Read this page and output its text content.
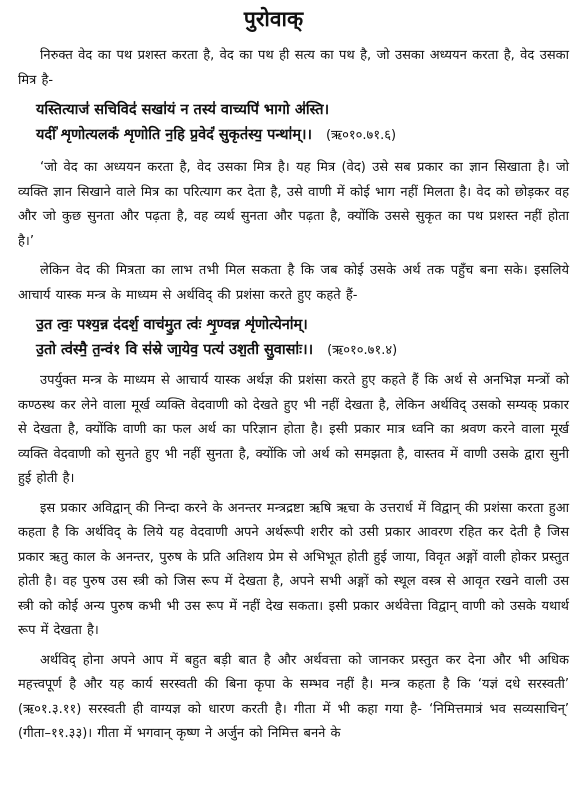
पुरोवाक्

निरुक्त वेद का पथ प्रशस्त करता है, वेद का पथ ही सत्य का पथ है, जो उसका अध्ययन करता है, वेद उसका मित्र है-

यस्तित्याज॑ सचिविद॑ सखा॑यं न तस्य॑ वाच्यपि॑ भागो अ॑स्ति।

यदीं॑ शृणोत्यलकं॑ शृणोति न॒हि प्र॒वेदं॑ सुकृत॑स्य॒ पन्था॑म्।। (ऋ०१०.७१.६)

‘जो वेद का अध्ययन करता है, वेद उसका मित्र है। यह मित्र (वेद) उसे सब प्रकार का ज्ञान सिखाता है। जो व्यक्ति ज्ञान सिखाने वाले मित्र का परित्याग कर देता है, उसे वाणी में कोई भाग नहीं मिलता है। वेद को छोड़कर वह और जो कुछ सुनता और पढ़ता है, वह व्यर्थ सुनता और पढ़ता है, क्योंकि उससे सुकृत का पथ प्रशस्त नहीं होता है।’

लेकिन वेद की मित्रता का लाभ तभी मिल सकता है कि जब कोई उसके अर्थ तक पहुँच बना सके। इसलिये आचार्य यास्क मन्त्र के माध्यम से अर्थविद् की प्रशंसा करते हुए कहते हैं-

उ॒त त्वः॒ पश्य॒न्न द॑दर्श॒ वाच॑मु॒त त्वः॑ शृ॒ण्वन्न शृ॑णोत्येना॑म्।

उ॒तो त्व॑स्मै॒ त॒न्वं१ वि स॑स्रे जा॒येव॒ पत्य॑ उश॒ती सु॒वासाः॑।। (ऋ०१०.७१.४)

उपर्युक्त मन्त्र के माध्यम से आचार्य यास्क अर्थज्ञ की प्रशंसा करते हुए कहते हैं कि अर्थ से अनभिज्ञ मन्त्रों को कण्ठस्थ कर लेने वाला मूर्ख व्यक्ति वेदवाणी को देखते हुए भी नहीं देखता है, लेकिन अर्थविद् उसको सम्यक् प्रकार से देखता है, क्योंकि वाणी का फल अर्थ का परिज्ञान होता है। इसी प्रकार मात्र ध्वनि का श्रवण करने वाला मूर्ख व्यक्ति वेदवाणी को सुनते हुए भी नहीं सुनता है, क्योंकि जो अर्थ को समझता है, वास्तव में वाणी उसके द्वारा सुनी हुई होती है।

इस प्रकार अविद्वान् की निन्दा करने के अनन्तर मन्त्रद्रष्टा ऋषि ऋचा के उत्तरार्ध में विद्वान् की प्रशंसा करता हुआ कहता है कि अर्थविद् के लिये यह वेदवाणी अपने अर्थरूपी शरीर को उसी प्रकार आवरण रहित कर देती है जिस प्रकार ऋतु काल के अनन्तर, पुरुष के प्रति अतिशय प्रेम से अभिभूत होती हुई जाया, विवृत अङ्गों वाली होकर प्रस्तुत होती है। वह पुरुष उस स्त्री को जिस रूप में देखता है, अपने सभी अङ्गों को स्थूल वस्त्र से आवृत रखने वाली उस स्त्री को कोई अन्य पुरुष कभी भी उस रूप में नहीं देख सकता। इसी प्रकार अर्थवेत्ता विद्वान् वाणी को उसके यथार्थ रूप में देखता है।

अर्थविद् होना अपने आप में बहुत बड़ी बात है और अर्थवत्ता को जानकर प्रस्तुत कर देना और भी अधिक महत्त्वपूर्ण है और यह कार्य सरस्वती की बिना कृपा के सम्भव नहीं है। मन्त्र कहता है कि ‘यज्ञं दधे सरस्वती’ (ऋ०१.३.११) सरस्वती ही वाग्यज्ञ को धारण करती है। गीता में भी कहा गया है- ‘निमित्तमात्रं भव सव्यसाचिन्’ (गीता–११.३३)। गीता में भगवान् कृष्ण ने अर्जुन को निमित्त बनने के
